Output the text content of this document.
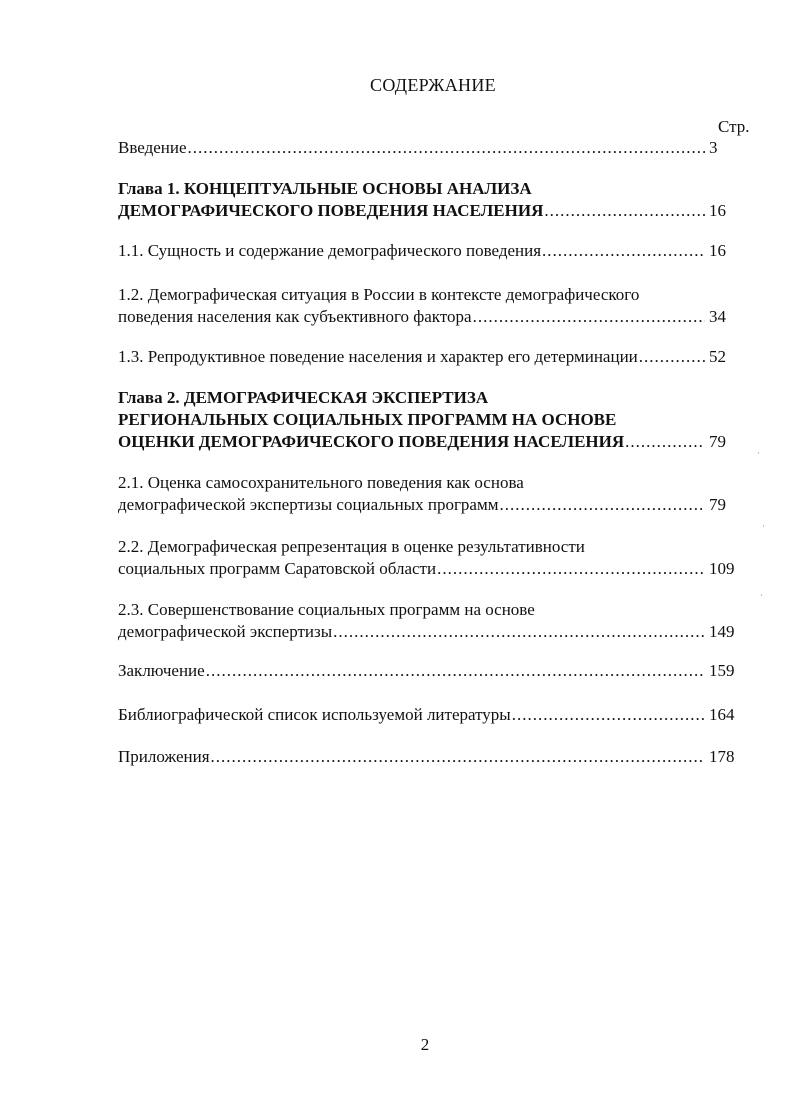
СОДЕРЖАНИЕ
Стр.
Введение .....	3
Глава 1. КОНЦЕПТУАЛЬНЫЕ ОСНОВЫ АНАЛИЗА
ДЕМОГРАФИЧЕСКОГО ПОВЕДЕНИЯ НАСЕЛЕНИЯ .....	16
1.1. Сущность и содержание демографического поведения .....	16
1.2. Демографическая ситуация в России в контексте демографического
поведения населения как субъективного фактора .....	34
1.3. Репродуктивное поведение населения и характер его детерминации .....	52
Глава 2. ДЕМОГРАФИЧЕСКАЯ ЭКСПЕРТИЗА
РЕГИОНАЛЬНЫХ СОЦИАЛЬНЫХ ПРОГРАММ НА ОСНОВЕ
ОЦЕНКИ ДЕМОГРАФИЧЕСКОГО ПОВЕДЕНИЯ НАСЕЛЕНИЯ .....	79
2.1. Оценка самосохранительного поведения как основа
демографической экспертизы социальных программ .....	79
2.2. Демографическая репрезентация в оценке результативности
социальных программ Саратовской области .....	109
2.3. Совершенствование социальных программ на основе
демографической экспертизы .....	149
Заключение .....	159
Библиографической список используемой литературы .....	164
Приложения .....	178
2
·
·
·
